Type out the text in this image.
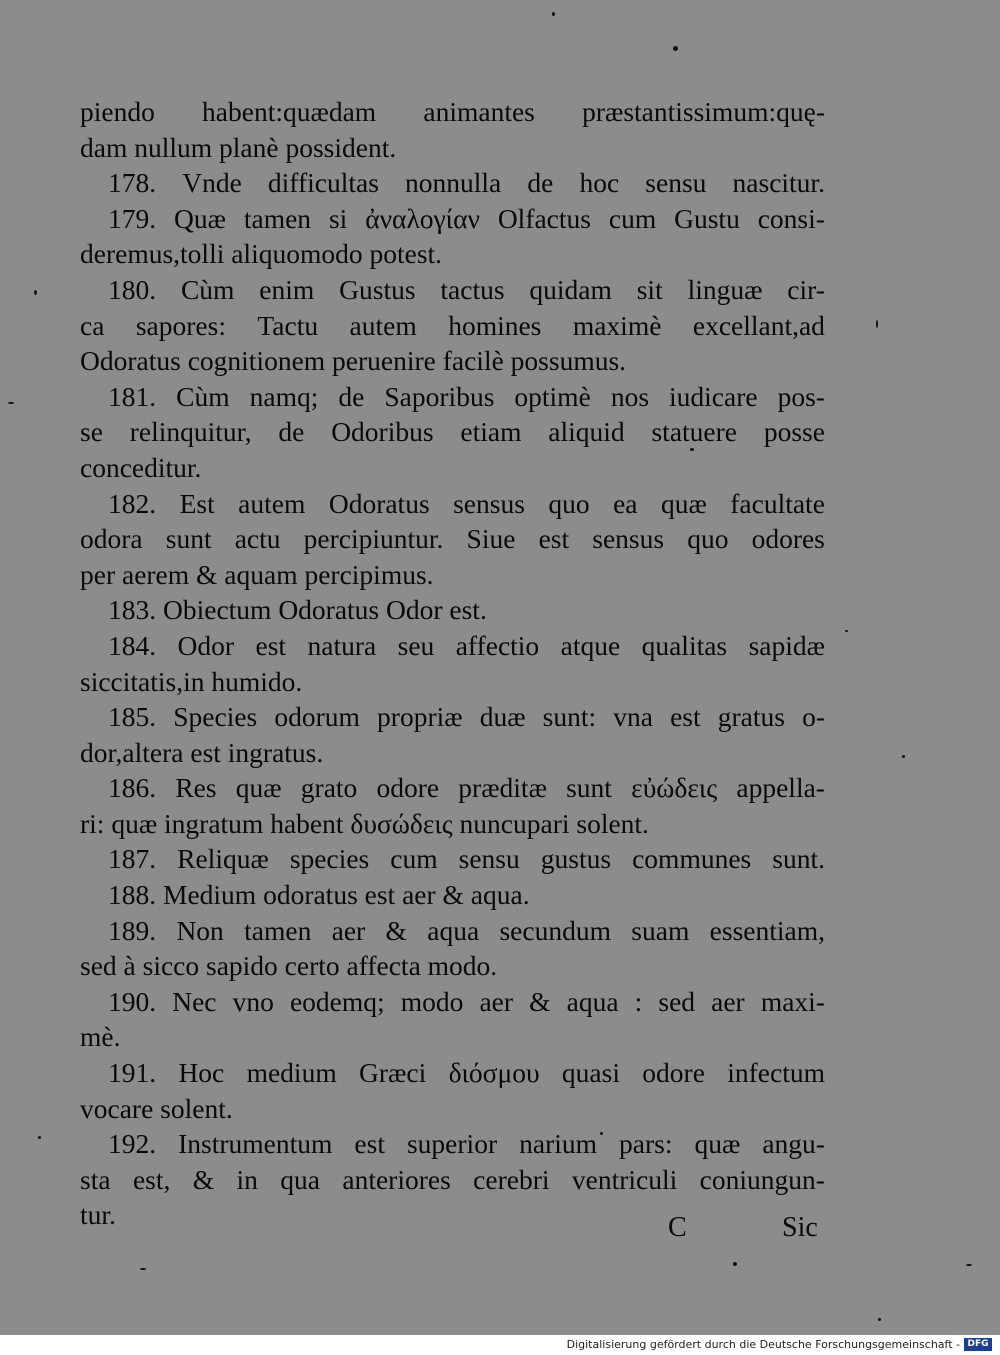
piendo habent:quædam animantes præstantissimum:quę-
dam nullum planè possident.
178. Vnde difficultas nonnulla de hoc sensu nascitur.
179. Quæ tamen si ἀναλογίαν Olfactus cum Gustu consi-
deremus,tolli aliquomodo potest.
180. Cùm enim Gustus tactus quidam sit linguæ cir-
ca sapores: Tactu autem homines maximè excellant,ad
Odoratus cognitionem peruenire facilè possumus.
181. Cùm namq; de Saporibus optimè nos iudicare pos-
se relinquitur, de Odoribus etiam aliquid statuere posse
conceditur.
182. Est autem Odoratus sensus quo ea quæ facultate
odora sunt actu percipiuntur. Siue est sensus quo odores
per aerem & aquam percipimus.
183. Obiectum Odoratus Odor est.
184. Odor est natura seu affectio atque qualitas sapidæ
siccitatis,in humido.
185. Species odorum propriæ duæ sunt: vna est gratus o-
dor,altera est ingratus.
186. Res quæ grato odore præditæ sunt εὐώδεις appella-
ri: quæ ingratum habent δυσώδεις nuncupari solent.
187. Reliquæ species cum sensu gustus communes sunt.
188. Medium odoratus est aer & aqua.
189. Non tamen aer & aqua secundum suam essentiam,
sed à sicco sapido certo affecta modo.
190. Nec vno eodemq; modo aer & aqua : sed aer maxi-
mè.
191. Hoc medium Græci διόσμου quasi odore infectum
vocare solent.
192. Instrumentum est superior narium pars: quæ angu-
sta est, & in qua anteriores cerebri ventriculi coniungun-
tur.	C	Sic
Digitalisierung gefördert durch die Deutsche Forschungsgemeinschaft - DFG
